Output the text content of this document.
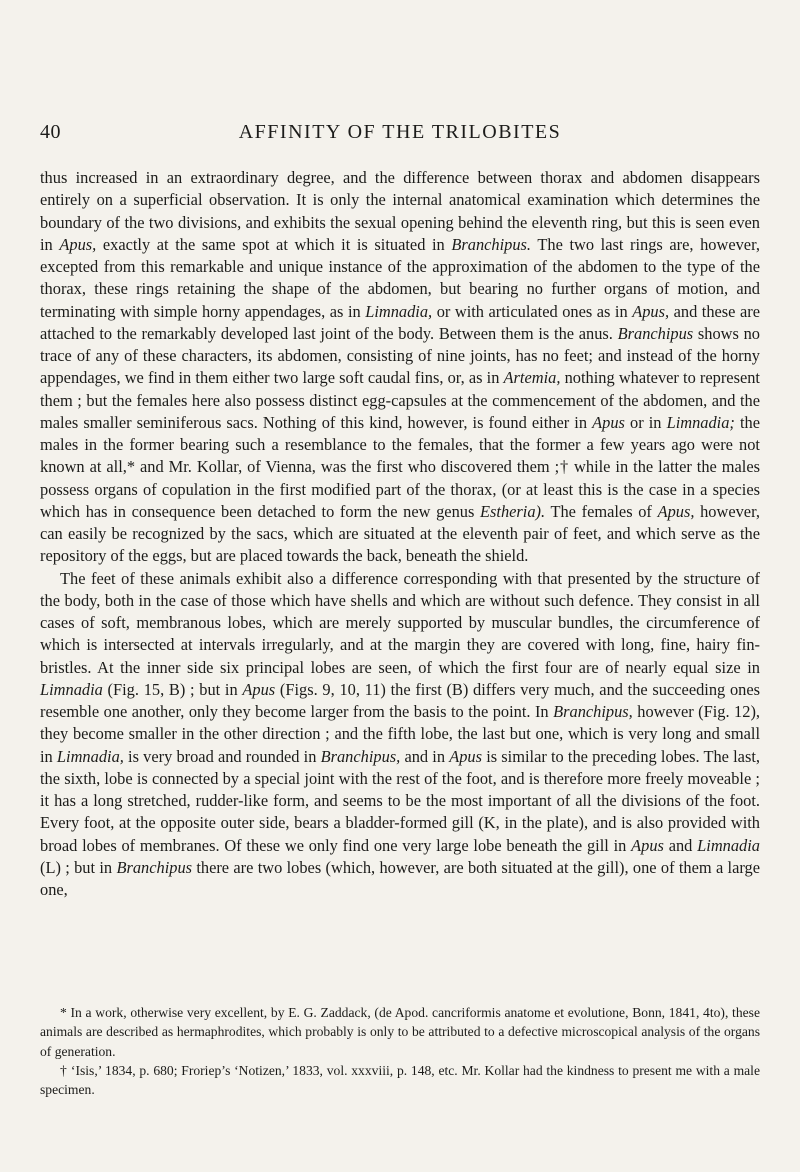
40	AFFINITY OF THE TRILOBITES

thus increased in an extraordinary degree, and the difference between thorax and abdomen disappears entirely on a superficial observation. It is only the internal anatomical examination which determines the boundary of the two divisions, and exhibits the sexual opening behind the eleventh ring, but this is seen even in Apus, exactly at the same spot at which it is situated in Branchipus. The two last rings are, however, excepted from this remarkable and unique instance of the approximation of the abdomen to the type of the thorax, these rings retaining the shape of the abdomen, but bearing no further organs of motion, and terminating with simple horny appendages, as in Limnadia, or with articulated ones as in Apus, and these are attached to the remarkably developed last joint of the body. Between them is the anus. Branchipus shows no trace of any of these characters, its abdomen, consisting of nine joints, has no feet; and instead of the horny appendages, we find in them either two large soft caudal fins, or, as in Artemia, nothing whatever to represent them ; but the females here also possess distinct egg-capsules at the commencement of the abdomen, and the males smaller seminiferous sacs. Nothing of this kind, however, is found either in Apus or in Limnadia; the males in the former bearing such a resemblance to the females, that the former a few years ago were not known at all,* and Mr. Kollar, of Vienna, was the first who discovered them ;† while in the latter the males possess organs of copulation in the first modified part of the thorax, (or at least this is the case in a species which has in consequence been detached to form the new genus Estheria). The females of Apus, however, can easily be recognized by the sacs, which are situated at the eleventh pair of feet, and which serve as the repository of the eggs, but are placed towards the back, beneath the shield.

The feet of these animals exhibit also a difference corresponding with that presented by the structure of the body, both in the case of those which have shells and which are without such defence. They consist in all cases of soft, membranous lobes, which are merely supported by muscular bundles, the circumference of which is intersected at intervals irregularly, and at the margin they are covered with long, fine, hairy fin-bristles. At the inner side six principal lobes are seen, of which the first four are of nearly equal size in Limnadia (Fig. 15, B) ; but in Apus (Figs. 9, 10, 11) the first (B) differs very much, and the succeeding ones resemble one another, only they become larger from the basis to the point. In Branchipus, however (Fig. 12), they become smaller in the other direction ; and the fifth lobe, the last but one, which is very long and small in Limnadia, is very broad and rounded in Branchipus, and in Apus is similar to the preceding lobes. The last, the sixth, lobe is connected by a special joint with the rest of the foot, and is therefore more freely moveable ; it has a long stretched, rudder-like form, and seems to be the most important of all the divisions of the foot. Every foot, at the opposite outer side, bears a bladder-formed gill (K, in the plate), and is also provided with broad lobes of membranes. Of these we only find one very large lobe beneath the gill in Apus and Limnadia (L) ; but in Branchipus there are two lobes (which, however, are both situated at the gill), one of them a large one,

* In a work, otherwise very excellent, by E. G. Zaddack, (de Apod. cancriformis anatome et evolutione, Bonn, 1841, 4to), these animals are described as hermaphrodites, which probably is only to be attributed to a defective microscopical analysis of the organs of generation.

† ‘Isis,’ 1834, p. 680; Froriep’s ‘Notizen,’ 1833, vol. xxxviii, p. 148, etc. Mr. Kollar had the kindness to present me with a male specimen.
